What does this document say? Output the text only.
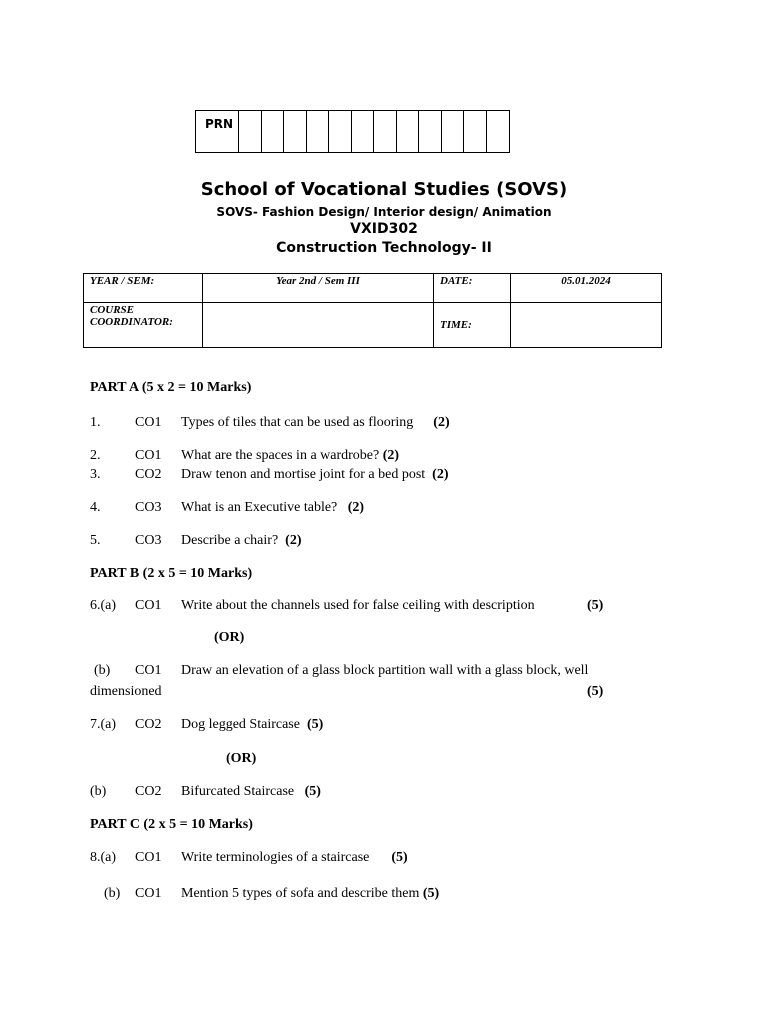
PRN
School of Vocational Studies (SOVS)
SOVS- Fashion Design/ Interior design/ Animation
VXID302
Construction Technology- II
YEAR / SEM:	Year 2nd / Sem III	DATE:	05.01.2024

COURSE
COORDINATOR:		TIME:	
PART A (5 x 2 = 10 Marks)
1. CO1 Types of tiles that can be used as flooring (2)
2. CO1 What are the spaces in a wardrobe? (2)
3. CO2 Draw tenon and mortise joint for a bed post (2)
4. CO3 What is an Executive table? (2)
5. CO3 Describe a chair? (2)
PART B (2 x 5 = 10 Marks)
6.(a) CO1 Write about the channels used for false ceiling with description	(5)
(OR)
(b) CO1 Draw an elevation of a glass block partition wall with a glass block, well
dimensioned	(5)
7.(a) CO2 Dog legged Staircase (5)
(OR)
(b) CO2 Bifurcated Staircase (5)
PART C (2 x 5 = 10 Marks)
8.(a) CO1 Write terminologies of a staircase (5)
(b) CO1 Mention 5 types of sofa and describe them (5)
